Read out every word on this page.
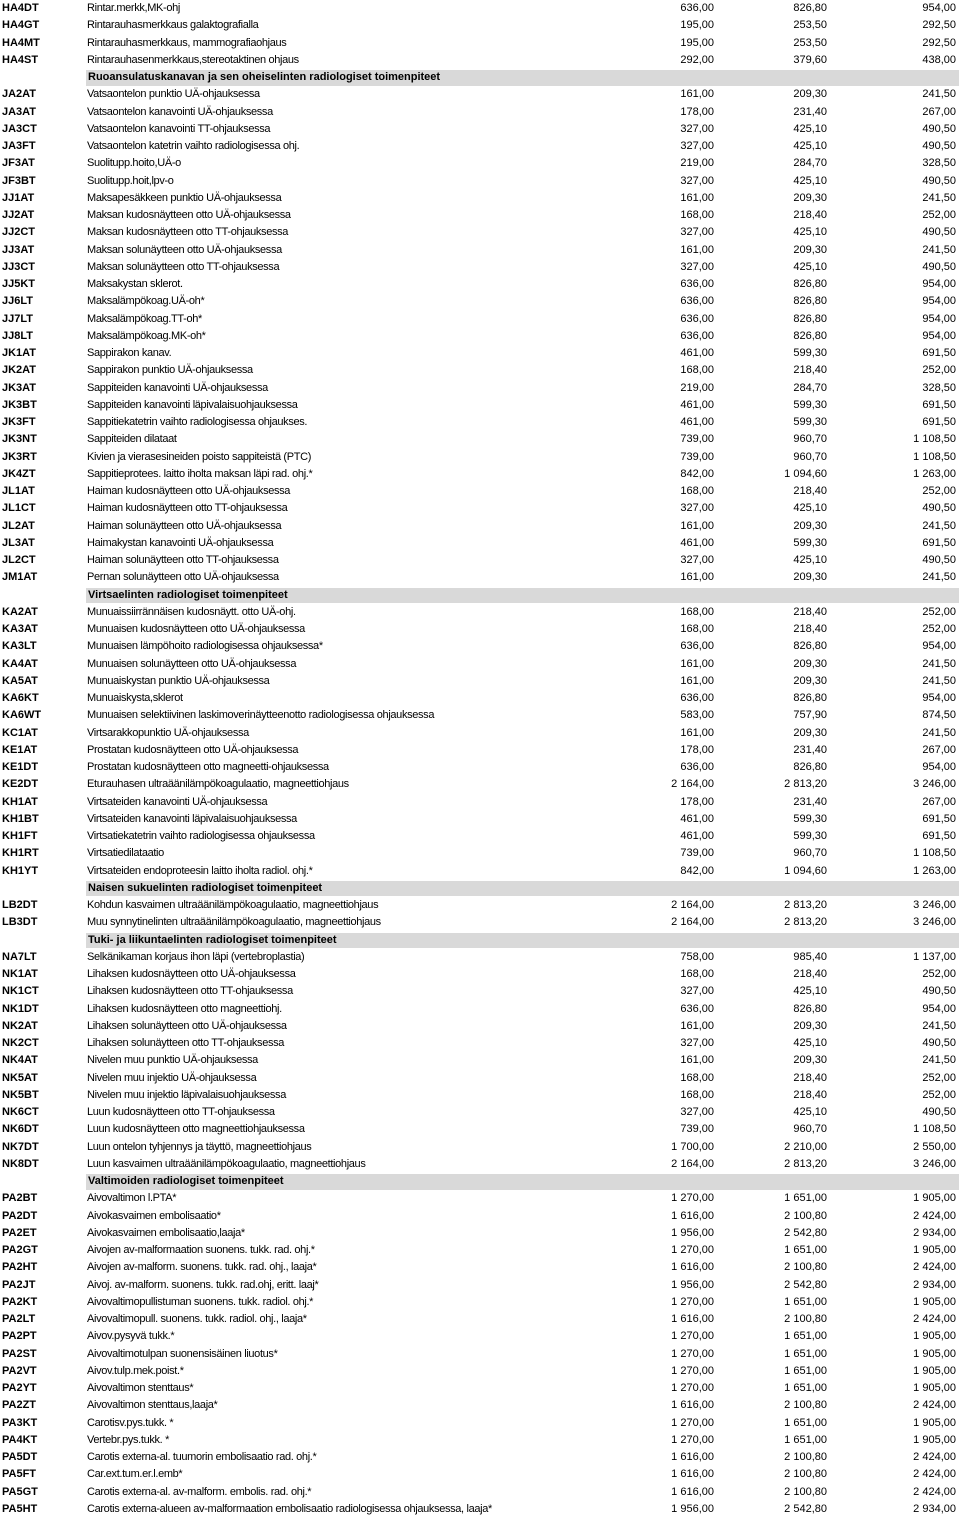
HA4DT	Rintar.merkk,MK-ohj	636,00	826,80	954,00
HA4GT	Rintarauhasmerkkaus galaktografialla	195,00	253,50	292,50
HA4MT	Rintarauhasmerkkaus, mammografiaohjaus	195,00	253,50	292,50
HA4ST	Rintarauhasenmerkkaus,stereotaktinen ohjaus	292,00	379,60	438,00
Ruoansulatuskanavan ja sen oheiselinten radiologiset toimenpiteet
JA2AT	Vatsaontelon punktio UÄ-ohjauksessa	161,00	209,30	241,50
JA3AT	Vatsaontelon kanavointi UÄ-ohjauksessa	178,00	231,40	267,00
JA3CT	Vatsaontelon kanavointi TT-ohjauksessa	327,00	425,10	490,50
JA3FT	Vatsaontelon katetrin vaihto radiologisessa ohj.	327,00	425,10	490,50
JF3AT	Suolitupp.hoito,UÄ-o	219,00	284,70	328,50
JF3BT	Suolitupp.hoit,lpv-o	327,00	425,10	490,50
JJ1AT	Maksapesäkkeen punktio UÄ-ohjauksessa	161,00	209,30	241,50
JJ2AT	Maksan kudosnäytteen otto UÄ-ohjauksessa	168,00	218,40	252,00
JJ2CT	Maksan kudosnäytteen otto TT-ohjauksessa	327,00	425,10	490,50
JJ3AT	Maksan solunäytteen otto UÄ-ohjauksessa	161,00	209,30	241,50
JJ3CT	Maksan solunäytteen otto TT-ohjauksessa	327,00	425,10	490,50
JJ5KT	Maksakystan sklerot.	636,00	826,80	954,00
JJ6LT	Maksalämpökoag.UÄ-oh*	636,00	826,80	954,00
JJ7LT	Maksalämpökoag.TT-oh*	636,00	826,80	954,00
JJ8LT	Maksalämpökoag.MK-oh*	636,00	826,80	954,00
JK1AT	Sappirakon kanav.	461,00	599,30	691,50
JK2AT	Sappirakon punktio UÄ-ohjauksessa	168,00	218,40	252,00
JK3AT	Sappiteiden kanavointi UÄ-ohjauksessa	219,00	284,70	328,50
JK3BT	Sappiteiden kanavointi läpivalaisuohjauksessa	461,00	599,30	691,50
JK3FT	Sappitiekatetrin vaihto radiologisessa ohjaukses.	461,00	599,30	691,50
JK3NT	Sappiteiden dilataat	739,00	960,70	1 108,50
JK3RT	Kivien ja vierasesineiden poisto sappiteistä (PTC)	739,00	960,70	1 108,50
JK4ZT	Sappitieprotees. laitto iholta maksan läpi rad. ohj.*	842,00	1 094,60	1 263,00
JL1AT	Haiman kudosnäytteen otto UÄ-ohjauksessa	168,00	218,40	252,00
JL1CT	Haiman kudosnäytteen otto TT-ohjauksessa	327,00	425,10	490,50
JL2AT	Haiman solunäytteen otto UÄ-ohjauksessa	161,00	209,30	241,50
JL3AT	Haimakystan kanavointi UÄ-ohjauksessa	461,00	599,30	691,50
JL2CT	Haiman solunäytteen otto TT-ohjauksessa	327,00	425,10	490,50
JM1AT	Pernan solunäytteen otto UÄ-ohjauksessa	161,00	209,30	241,50
Virtsaelinten radiologiset toimenpiteet
KA2AT	Munuaissiirrännäisen kudosnäytt. otto UÄ-ohj.	168,00	218,40	252,00
KA3AT	Munuaisen kudosnäytteen otto UÄ-ohjauksessa	168,00	218,40	252,00
KA3LT	Munuaisen lämpöhoito radiologisessa ohjauksessa*	636,00	826,80	954,00
KA4AT	Munuaisen solunäytteen otto UÄ-ohjauksessa	161,00	209,30	241,50
KA5AT	Munuaiskystan punktio UÄ-ohjauksessa	161,00	209,30	241,50
KA6KT	Munuaiskysta,sklerot	636,00	826,80	954,00
KA6WT	Munuaisen selektiivinen laskimoverinäytteenotto radiologisessa ohjauksessa	583,00	757,90	874,50
KC1AT	Virtsarakkopunktio UÄ-ohjauksessa	161,00	209,30	241,50
KE1AT	Prostatan kudosnäytteen otto UÄ-ohjauksessa	178,00	231,40	267,00
KE1DT	Prostatan kudosnäytteen otto magneetti-ohjauksessa	636,00	826,80	954,00
KE2DT	Eturauhasen ultraäänilämpökoagulaatio, magneettiohjaus	2 164,00	2 813,20	3 246,00
KH1AT	Virtsateiden kanavointi UÄ-ohjauksessa	178,00	231,40	267,00
KH1BT	Virtsateiden kanavointi läpivalaisuohjauksessa	461,00	599,30	691,50
KH1FT	Virtsatiekatetrin vaihto radiologisessa ohjauksessa	461,00	599,30	691,50
KH1RT	Virtsatiedilataatio	739,00	960,70	1 108,50
KH1YT	Virtsateiden endoproteesin laitto iholta radiol. ohj.*	842,00	1 094,60	1 263,00
Naisen sukuelinten radiologiset toimenpiteet
LB2DT	Kohdun kasvaimen ultraäänilämpökoagulaatio, magneettiohjaus	2 164,00	2 813,20	3 246,00
LB3DT	Muu synnytinelinten ultraäänilämpökoagulaatio, magneettiohjaus	2 164,00	2 813,20	3 246,00
Tuki- ja liikuntaelinten radiologiset toimenpiteet
NA7LT	Selkänikaman korjaus ihon läpi (vertebroplastia)	758,00	985,40	1 137,00
NK1AT	Lihaksen kudosnäytteen otto UÄ-ohjauksessa	168,00	218,40	252,00
NK1CT	Lihaksen kudosnäytteen otto TT-ohjauksessa	327,00	425,10	490,50
NK1DT	Lihaksen kudosnäytteen otto magneettiohj.	636,00	826,80	954,00
NK2AT	Lihaksen solunäytteen otto UÄ-ohjauksessa	161,00	209,30	241,50
NK2CT	Lihaksen solunäytteen otto TT-ohjauksessa	327,00	425,10	490,50
NK4AT	Nivelen muu punktio UÄ-ohjauksessa	161,00	209,30	241,50
NK5AT	Nivelen muu injektio UÄ-ohjauksessa	168,00	218,40	252,00
NK5BT	Nivelen muu injektio läpivalaisuohjauksessa	168,00	218,40	252,00
NK6CT	Luun kudosnäytteen otto TT-ohjauksessa	327,00	425,10	490,50
NK6DT	Luun kudosnäytteen otto magneettiohjauksessa	739,00	960,70	1 108,50
NK7DT	Luun ontelon tyhjennys ja täyttö, magneettiohjaus	1 700,00	2 210,00	2 550,00
NK8DT	Luun kasvaimen ultraäänilämpökoagulaatio, magneettiohjaus	2 164,00	2 813,20	3 246,00
Valtimoiden radiologiset toimenpiteet
PA2BT	Aivovaltimon l.PTA*	1 270,00	1 651,00	1 905,00
PA2DT	Aivokasvaimen embolisaatio*	1 616,00	2 100,80	2 424,00
PA2ET	Aivokasvaimen embolisaatio,laaja*	1 956,00	2 542,80	2 934,00
PA2GT	Aivojen av-malformaation suonens. tukk. rad. ohj.*	1 270,00	1 651,00	1 905,00
PA2HT	Aivojen av-malform. suonens. tukk. rad. ohj., laaja*	1 616,00	2 100,80	2 424,00
PA2JT	Aivoj. av-malform. suonens. tukk. rad.ohj, eritt. laaj*	1 956,00	2 542,80	2 934,00
PA2KT	Aivovaltimopullistuman suonens. tukk. radiol. ohj.*	1 270,00	1 651,00	1 905,00
PA2LT	Aivovaltimopull. suonens. tukk. radiol. ohj., laaja*	1 616,00	2 100,80	2 424,00
PA2PT	Aivov.pysyvä tukk.*	1 270,00	1 651,00	1 905,00
PA2ST	Aivovaltimotulpan suonensisäinen liuotus*	1 270,00	1 651,00	1 905,00
PA2VT	Aivov.tulp.mek.poist.*	1 270,00	1 651,00	1 905,00
PA2YT	Aivovaltimon stenttaus*	1 270,00	1 651,00	1 905,00
PA2ZT	Aivovaltimon stenttaus,laaja*	1 616,00	2 100,80	2 424,00
PA3KT	Carotisv.pys.tukk. *	1 270,00	1 651,00	1 905,00
PA4KT	Vertebr.pys.tukk. *	1 270,00	1 651,00	1 905,00
PA5DT	Carotis externa-al. tuumorin embolisaatio rad. ohj.*	1 616,00	2 100,80	2 424,00
PA5FT	Car.ext.tum.er.l.emb*	1 616,00	2 100,80	2 424,00
PA5GT	Carotis externa-al. av-malform. embolis. rad. ohj.*	1 616,00	2 100,80	2 424,00
PA5HT	Carotis externa-alueen av-malformaation embolisaatio radiologisessa ohjauksessa, laaja*	1 956,00	2 542,80	2 934,00
